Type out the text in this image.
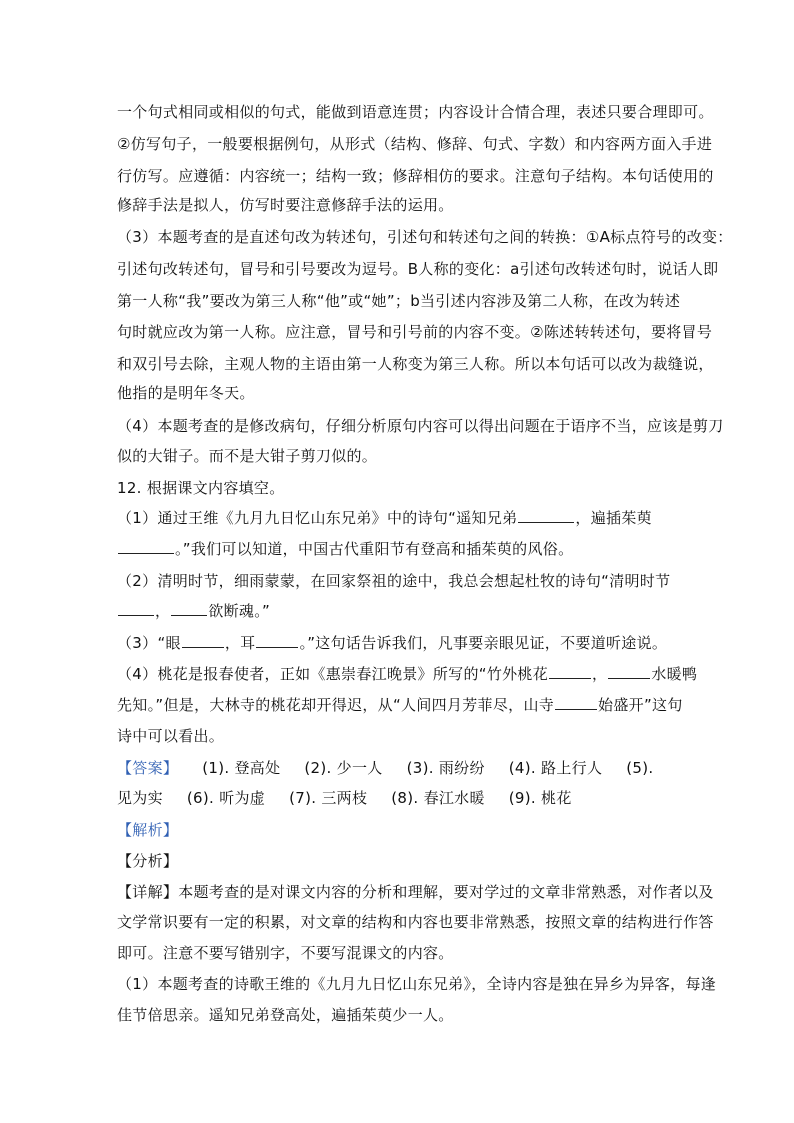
一个句式相同或相似的句式，能做到语意连贯；内容设计合情合理，表述只要合理即可。
②仿写句子，一般要根据例句，从形式（结构、修辞、句式、字数）和内容两方面入手进
行仿写。应遵循：内容统一；结构一致；修辞相仿的要求。注意句子结构。本句话使用的
修辞手法是拟人，仿写时要注意修辞手法的运用。
（3）本题考查的是直述句改为转述句，引述句和转述句之间的转换：①A标点符号的改变：
引述句改转述句，冒号和引号要改为逗号。B人称的变化：a引述句改转述句时，说话人即
第一人称“我”要改为第三人称“他”或“她”；b当引述内容涉及第二人称，在改为转述
句时就应改为第一人称。应注意，冒号和引号前的内容不变。②陈述转转述句，要将冒号
和双引号去除，主观人物的主语由第一人称变为第三人称。所以本句话可以改为裁缝说，
他指的是明年冬天。
（4）本题考查的是修改病句，仔细分析原句内容可以得出问题在于语序不当，应该是剪刀
似的大钳子。而不是大钳子剪刀似的。
12. 根据课文内容填空。
（1）通过王维《九月九日忆山东兄弟》中的诗句“遥知兄弟	，遍插茱萸
。”我们可以知道，中国古代重阳节有登高和插茱萸的风俗。
（2）清明时节，细雨蒙蒙，在回家祭祖的途中，我总会想起杜牧的诗句“清明时节
，	欲断魂。”
（3）“眼	，耳	。”这句话告诉我们，凡事要亲眼见证，不要道听途说。
（4）桃花是报春使者，正如《惠崇春江晚景》所写的“竹外桃花	，	水暖鸭
先知。”但是，大林寺的桃花却开得迟，从“人间四月芳菲尽，山寺	始盛开”这句
诗中可以看出。
【答案】 (1). 登高处 (2). 少一人 (3). 雨纷纷 (4). 路上行人 (5).
见为实 (6). 听为虚 (7). 三两枝 (8). 春江水暖 (9). 桃花
【解析】
【分析】
【详解】本题考查的是对课文内容的分析和理解，要对学过的文章非常熟悉，对作者以及
文学常识要有一定的积累，对文章的结构和内容也要非常熟悉，按照文章的结构进行作答
即可。注意不要写错别字，不要写混课文的内容。
（1）本题考查的诗歌王维的《九月九日忆山东兄弟》，全诗内容是独在异乡为异客，每逢
佳节倍思亲。遥知兄弟登高处，遍插茱萸少一人。
